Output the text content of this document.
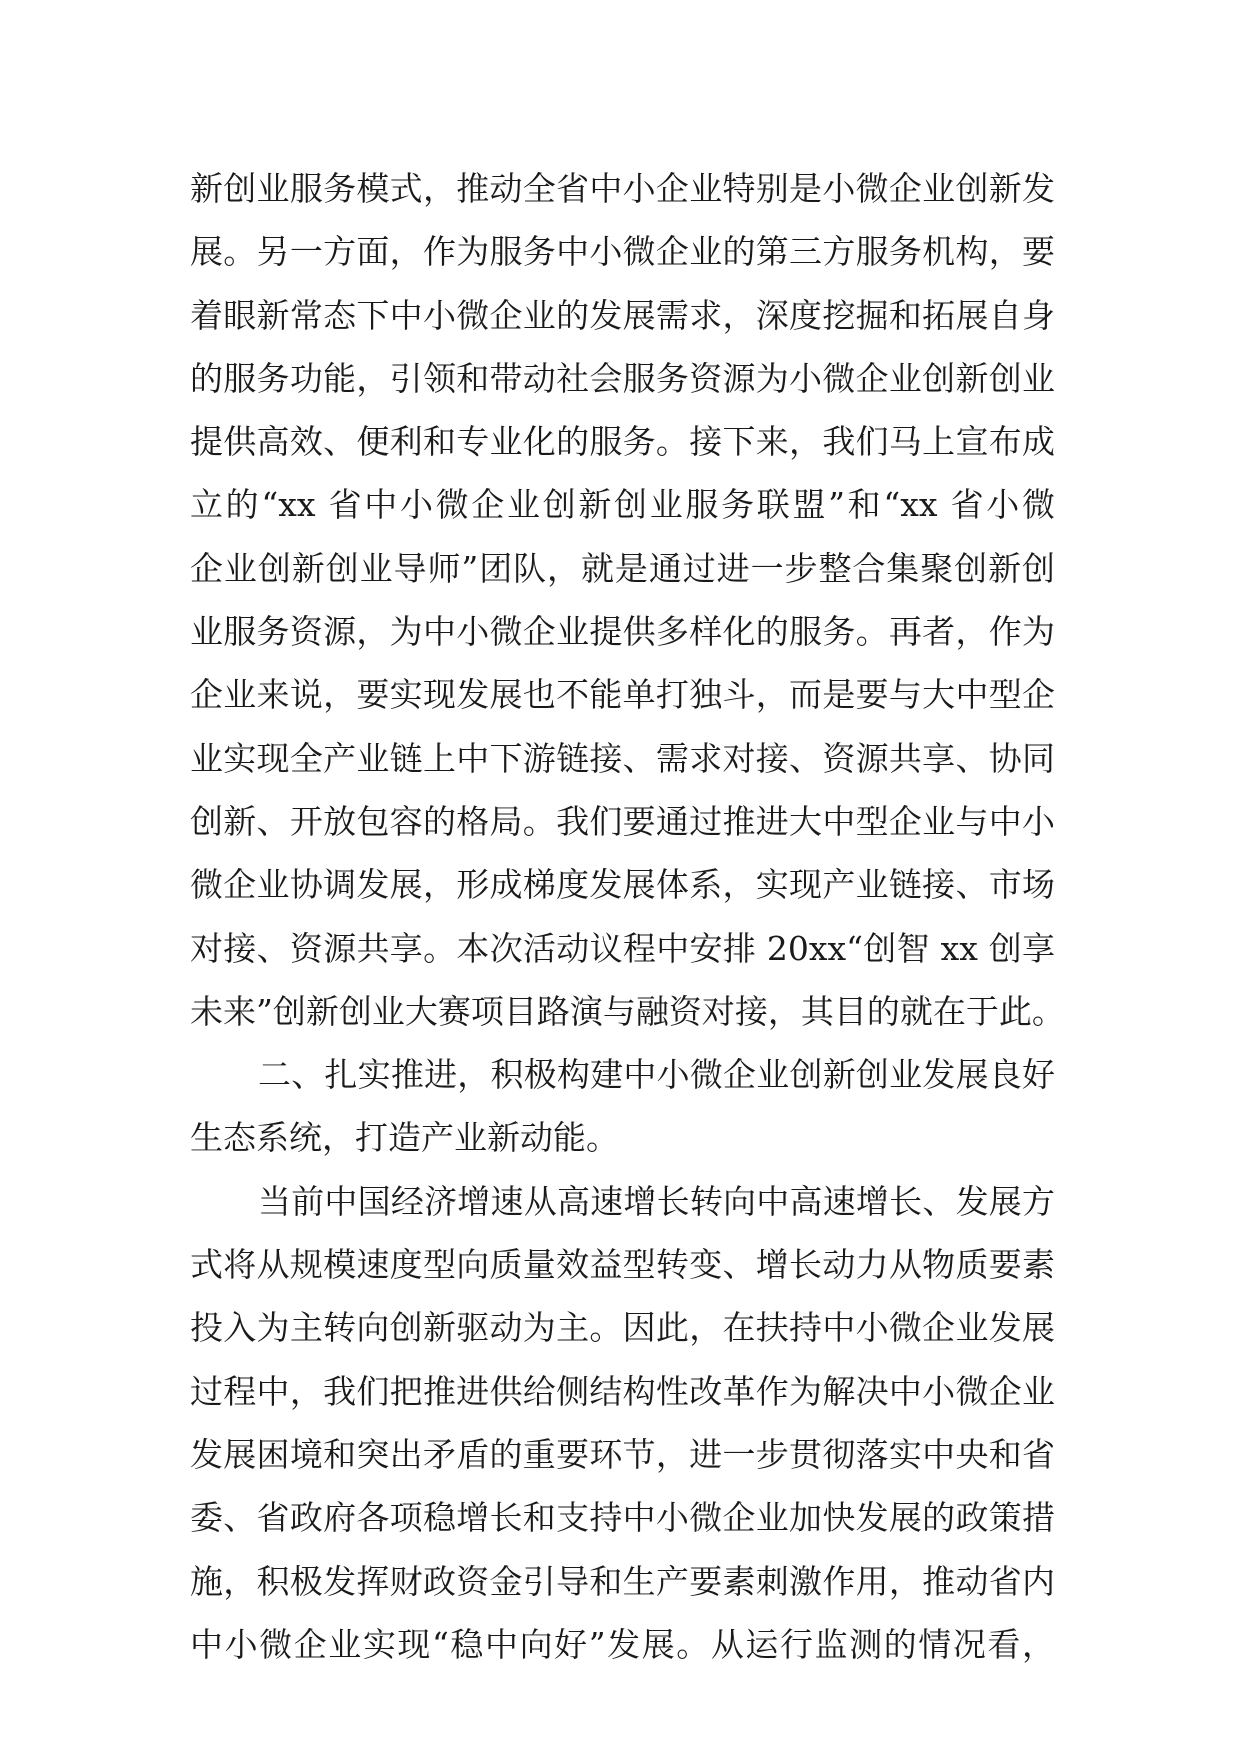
新创业服务模式，推动全省中小企业特别是小微企业创新发
展。另一方面，作为服务中小微企业的第三方服务机构，要
着眼新常态下中小微企业的发展需求，深度挖掘和拓展自身
的服务功能，引领和带动社会服务资源为小微企业创新创业
提供高效、便利和专业化的服务。接下来，我们马上宣布成
立的“xx 省中小微企业创新创业服务联盟”和“xx 省小微
企业创新创业导师”团队，就是通过进一步整合集聚创新创
业服务资源，为中小微企业提供多样化的服务。再者，作为
企业来说，要实现发展也不能单打独斗，而是要与大中型企
业实现全产业链上中下游链接、需求对接、资源共享、协同
创新、开放包容的格局。我们要通过推进大中型企业与中小
微企业协调发展，形成梯度发展体系，实现产业链接、市场
对接、资源共享。本次活动议程中安排 20xx“创智 xx 创享
未来”创新创业大赛项目路演与融资对接，其目的就在于此。
二、扎实推进，积极构建中小微企业创新创业发展良好
生态系统，打造产业新动能。
当前中国经济增速从高速增长转向中高速增长、发展方
式将从规模速度型向质量效益型转变、增长动力从物质要素
投入为主转向创新驱动为主。因此，在扶持中小微企业发展
过程中，我们把推进供给侧结构性改革作为解决中小微企业
发展困境和突出矛盾的重要环节，进一步贯彻落实中央和省
委、省政府各项稳增长和支持中小微企业加快发展的政策措
施，积极发挥财政资金引导和生产要素刺激作用，推动省内
中小微企业实现“稳中向好”发展。从运行监测的情况看，
